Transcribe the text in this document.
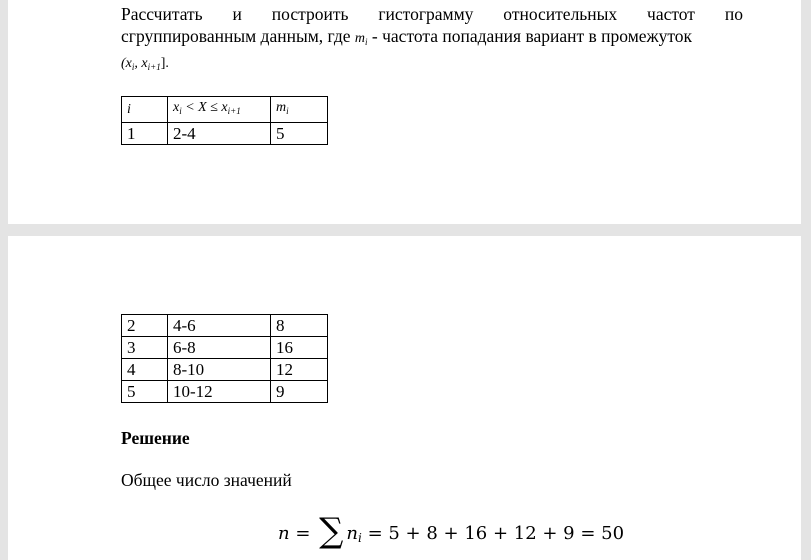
Рассчитать и построить гистограмму относительных частот по
сгруппированным данным, где $m_i$ - частота попадания вариант в промежуток
($x_i$, $x_{i+1}$].
i	$x_i < X \le x_{i+1}$	$m_i$
1	2-4	5
2	4-6	8
3	6-8	16
4	8-10	12
5	10-12	9
Решение
Общее число значений
n = ∑ n i = 5 + 8 + 16 + 12 + 9 = 50
